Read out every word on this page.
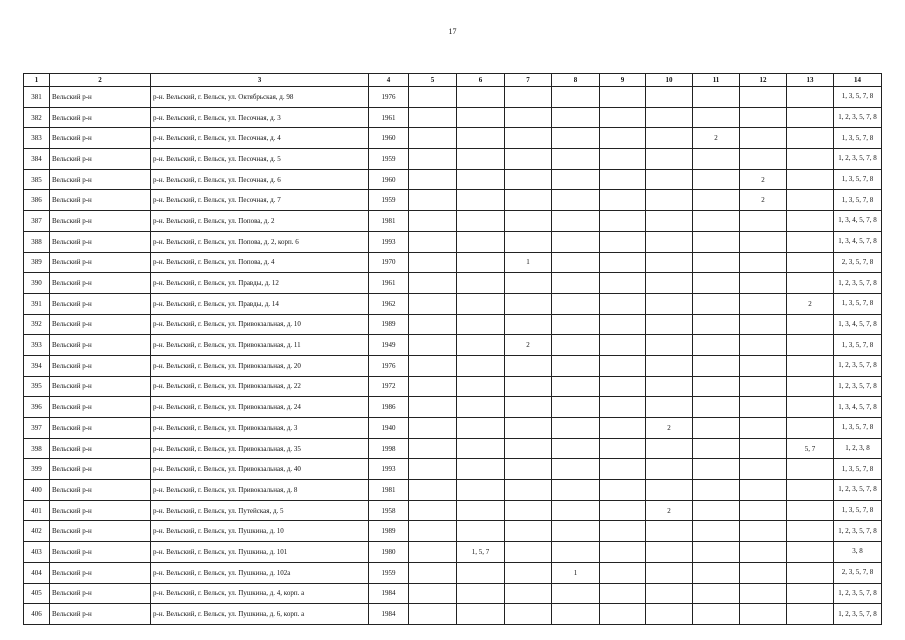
17
1	2	3	4	5	6	7	8	9	10	11	12	13	14
381	Вельский р-н	р-н. Вельский, г. Вельск, ул. Октябрьская, д. 98	1976										1, 3, 5, 7, 8
382	Вельский р-н	р-н. Вельский, г. Вельск, ул. Песочная, д. 3	1961										1, 2, 3, 5, 7, 8
383	Вельский р-н	р-н. Вельский, г. Вельск, ул. Песочная, д. 4	1960							2			1, 3, 5, 7, 8
384	Вельский р-н	р-н. Вельский, г. Вельск, ул. Песочная, д. 5	1959										1, 2, 3, 5, 7, 8
385	Вельский р-н	р-н. Вельский, г. Вельск, ул. Песочная, д. 6	1960								2		1, 3, 5, 7, 8
386	Вельский р-н	р-н. Вельский, г. Вельск, ул. Песочная, д. 7	1959								2		1, 3, 5, 7, 8
387	Вельский р-н	р-н. Вельский, г. Вельск, ул. Попова, д. 2	1981										1, 3, 4, 5, 7, 8
388	Вельский р-н	р-н. Вельский, г. Вельск, ул. Попова, д. 2, корп. 6	1993										1, 3, 4, 5, 7, 8
389	Вельский р-н	р-н. Вельский, г. Вельск, ул. Попова, д. 4	1970			1							2, 3, 5, 7, 8
390	Вельский р-н	р-н. Вельский, г. Вельск, ул. Правды, д. 12	1961										1, 2, 3, 5, 7, 8
391	Вельский р-н	р-н. Вельский, г. Вельск, ул. Правды, д. 14	1962									2	1, 3, 5, 7, 8
392	Вельский р-н	р-н. Вельский, г. Вельск, ул. Привокзальная, д. 10	1989										1, 3, 4, 5, 7, 8
393	Вельский р-н	р-н. Вельский, г. Вельск, ул. Привокзальная, д. 11	1949			2							1, 3, 5, 7, 8
394	Вельский р-н	р-н. Вельский, г. Вельск, ул. Привокзальная, д. 20	1976										1, 2, 3, 5, 7, 8
395	Вельский р-н	р-н. Вельский, г. Вельск, ул. Привокзальная, д. 22	1972										1, 2, 3, 5, 7, 8
396	Вельский р-н	р-н. Вельский, г. Вельск, ул. Привокзальная, д. 24	1986										1, 3, 4, 5, 7, 8
397	Вельский р-н	р-н. Вельский, г. Вельск, ул. Привокзальная, д. 3	1940						2				1, 3, 5, 7, 8
398	Вельский р-н	р-н. Вельский, г. Вельск, ул. Привокзальная, д. 35	1998									5, 7	1, 2, 3, 8
399	Вельский р-н	р-н. Вельский, г. Вельск, ул. Привокзальная, д. 40	1993										1, 3, 5, 7, 8
400	Вельский р-н	р-н. Вельский, г. Вельск, ул. Привокзальная, д. 8	1981										1, 2, 3, 5, 7, 8
401	Вельский р-н	р-н. Вельский, г. Вельск, ул. Путейская, д. 5	1958						2				1, 3, 5, 7, 8
402	Вельский р-н	р-н. Вельский, г. Вельск, ул. Пушкина, д. 10	1989										1, 2, 3, 5, 7, 8
403	Вельский р-н	р-н. Вельский, г. Вельск, ул. Пушкина, д. 101	1980		1, 5, 7								3, 8
404	Вельский р-н	р-н. Вельский, г. Вельск, ул. Пушкина, д. 102а	1959				1						2, 3, 5, 7, 8
405	Вельский р-н	р-н. Вельский, г. Вельск, ул. Пушкина, д. 4, корп. а	1984										1, 2, 3, 5, 7, 8
406	Вельский р-н	р-н. Вельский, г. Вельск, ул. Пушкина, д. 6, корп. а	1984										1, 2, 3, 5, 7, 8
